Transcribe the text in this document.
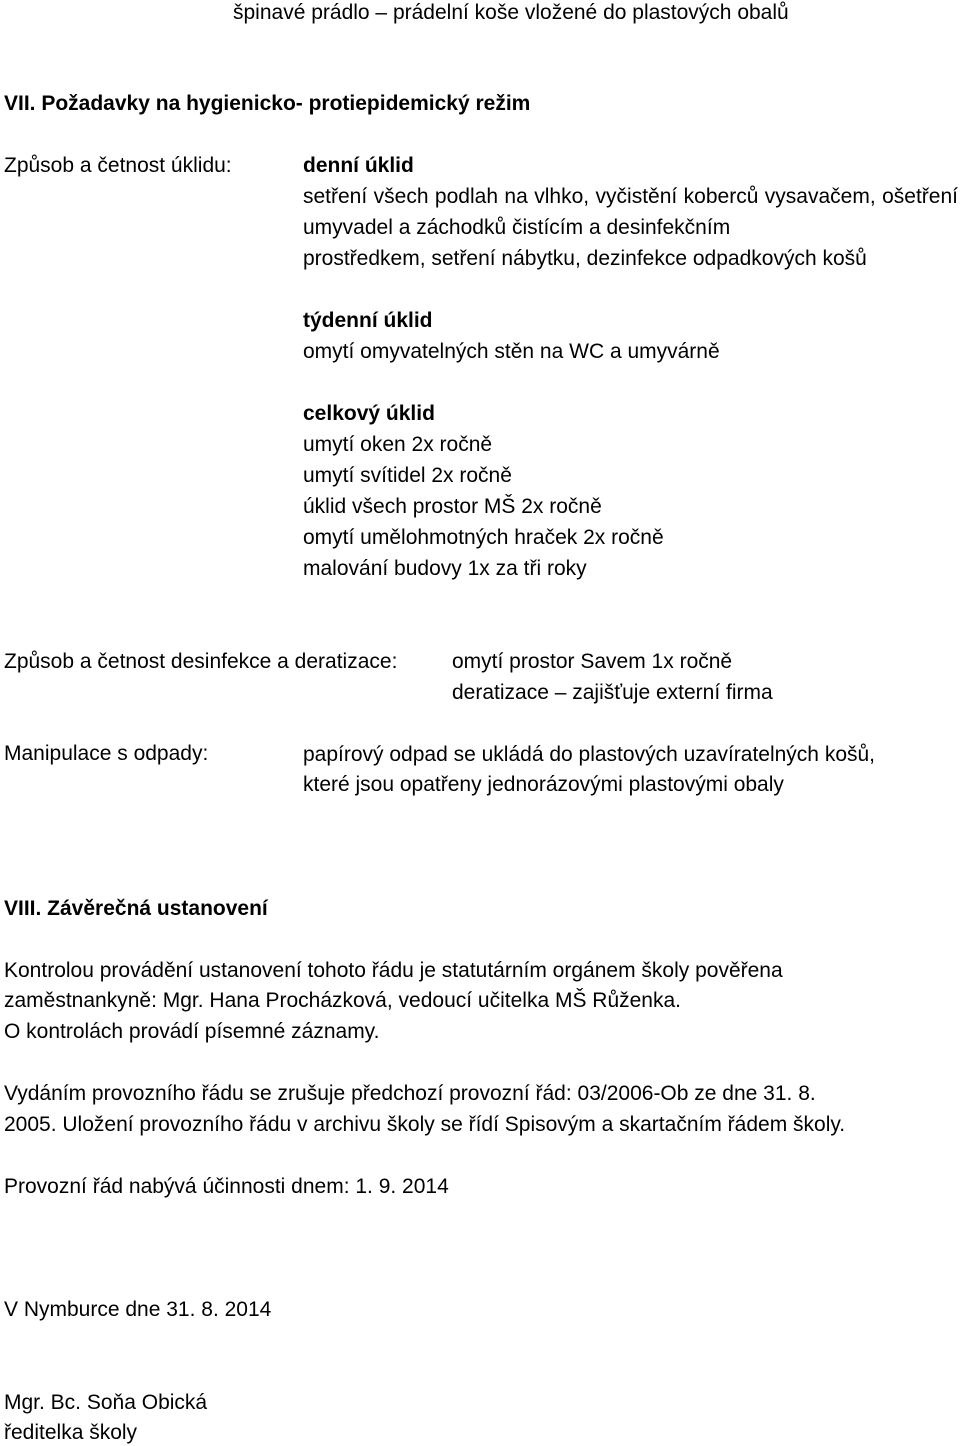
špinavé prádlo – prádelní koše vložené do plastových obalů
VII. Požadavky na hygienicko- protiepidemický režim
Způsob a četnost úklidu:	denní úklid
setření všech podlah na vlhko, vyčistění koberců vysavačem, ošetření umyvadel a záchodků čistícím a desinfekčním
prostředkem, setření nábytku, dezinfekce odpadkových košů
týdenní úklid
omytí omyvatelných stěn na WC a umyvárně
celkový úklid
umytí oken 2x ročně
umytí svítidel 2x ročně
úklid všech prostor MŠ 2x ročně
omytí umělohmotných hraček 2x ročně
malování budovy 1x za tři roky
Způsob a četnost desinfekce a deratizace:	omytí prostor Savem 1x ročně
deratizace – zajišťuje externí firma
Manipulace s odpady:	papírový odpad se ukládá do plastových uzavíratelných košů,
které jsou opatřeny jednorázovými plastovými obaly
VIII. Závěrečná ustanovení
Kontrolou provádění ustanovení tohoto řádu je statutárním orgánem školy pověřena
zaměstnankyně: Mgr. Hana Procházková, vedoucí učitelka MŠ Růženka.
O kontrolách provádí písemné záznamy.
Vydáním provozního řádu se zrušuje předchozí provozní řád: 03/2006-Ob ze dne 31. 8.
2005. Uložení provozního řádu v archivu školy se řídí Spisovým a skartačním řádem školy.
Provozní řád nabývá účinnosti dnem: 1. 9. 2014
V Nymburce dne 31. 8. 2014
Mgr. Bc. Soňa Obická
ředitelka školy
